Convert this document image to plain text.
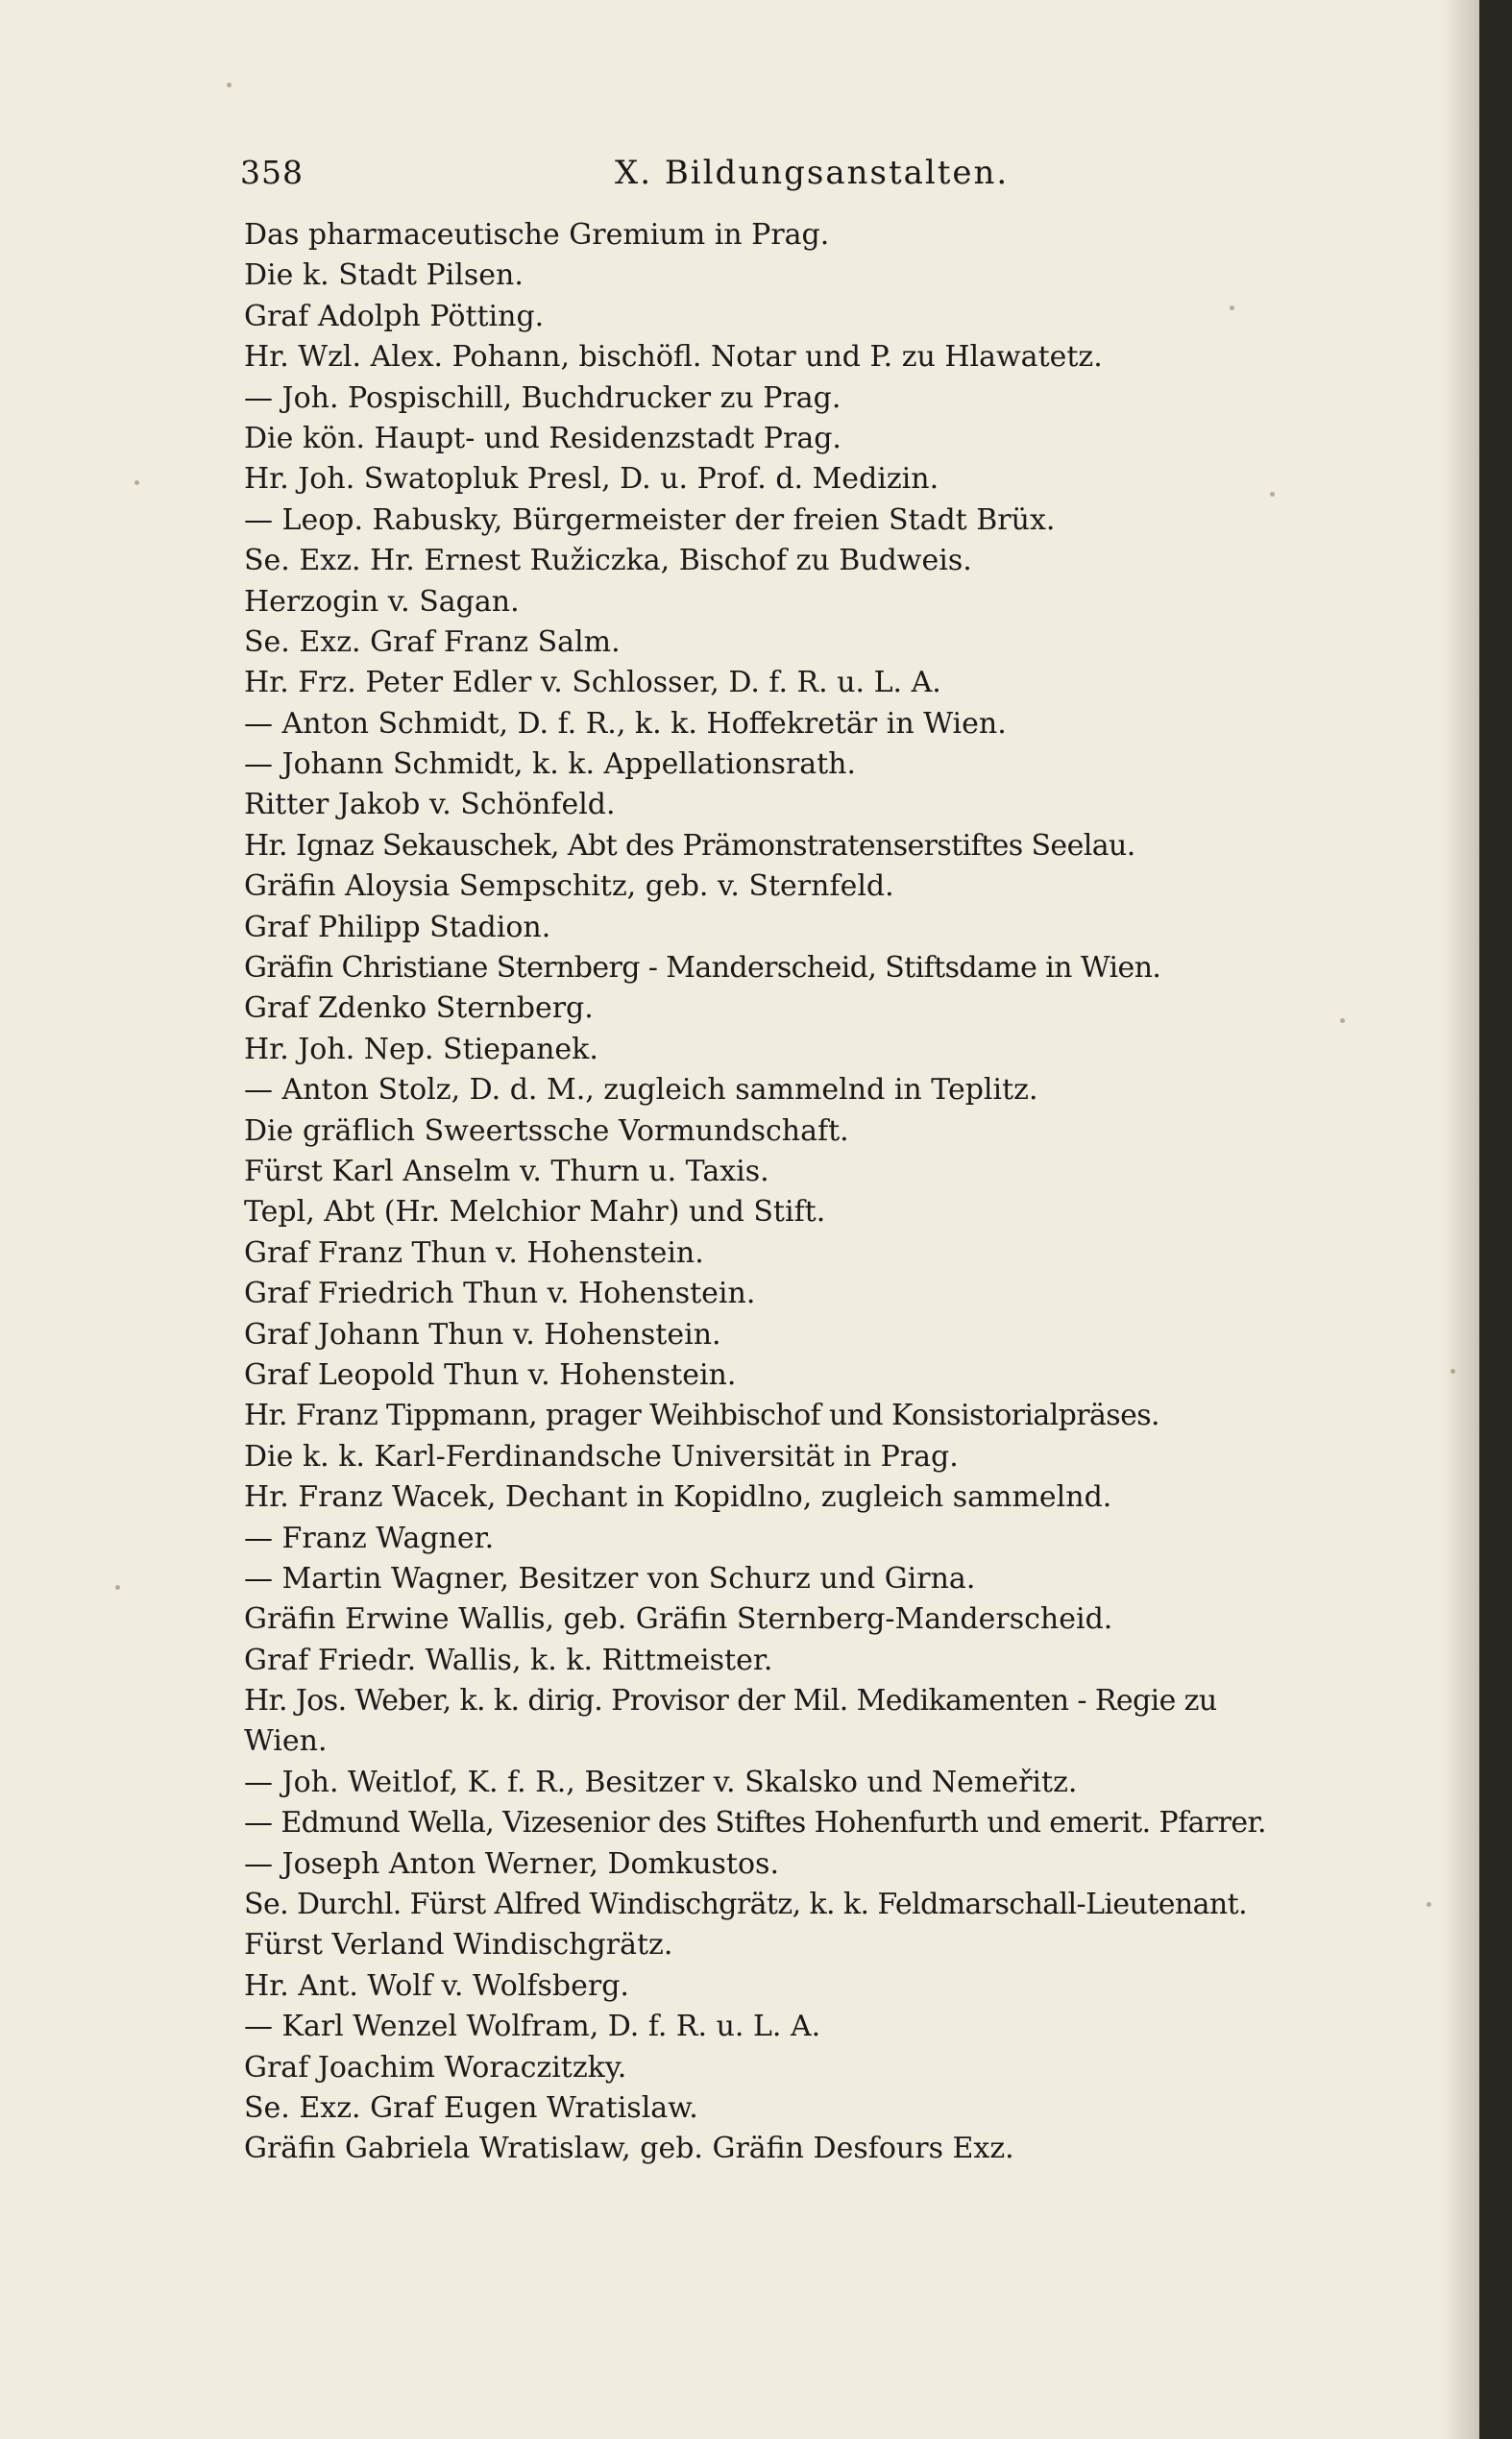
358	X. Bildungsanstalten.
Das pharmaceutische Gremium in Prag.
Die k. Stadt Pilsen.
Graf Adolph Pötting.
Hr. Wzl. Alex. Pohann, bischöfl. Notar und P. zu Hlawatetz.
— Joh. Pospischill, Buchdrucker zu Prag.
Die kön. Haupt- und Residenzstadt Prag.
Hr. Joh. Swatopluk Presl, D. u. Prof. d. Medizin.
— Leop. Rabusky, Bürgermeister der freien Stadt Brüx.
Se. Exz. Hr. Ernest Ružiczka, Bischof zu Budweis.
Herzogin v. Sagan.
Se. Exz. Graf Franz Salm.
Hr. Frz. Peter Edler v. Schlosser, D. f. R. u. L. A.
— Anton Schmidt, D. f. R., k. k. Hoffekretär in Wien.
— Johann Schmidt, k. k. Appellationsrath.
Ritter Jakob v. Schönfeld.
Hr. Ignaz Sekauschek, Abt des Prämonstratenserstiftes Seelau.
Gräfin Aloysia Sempschitz, geb. v. Sternfeld.
Graf Philipp Stadion.
Gräfin Christiane Sternberg - Manderscheid, Stiftsdame in Wien.
Graf Zdenko Sternberg.
Hr. Joh. Nep. Stiepanek.
— Anton Stolz, D. d. M., zugleich sammelnd in Teplitz.
Die gräflich Sweertssche Vormundschaft.
Fürst Karl Anselm v. Thurn u. Taxis.
Tepl, Abt (Hr. Melchior Mahr) und Stift.
Graf Franz Thun v. Hohenstein.
Graf Friedrich Thun v. Hohenstein.
Graf Johann Thun v. Hohenstein.
Graf Leopold Thun v. Hohenstein.
Hr. Franz Tippmann, prager Weihbischof und Konsistorialpräses.
Die k. k. Karl-Ferdinandsche Universität in Prag.
Hr. Franz Wacek, Dechant in Kopidlno, zugleich sammelnd.
— Franz Wagner.
— Martin Wagner, Besitzer von Schurz und Girna.
Gräfin Erwine Wallis, geb. Gräfin Sternberg-Manderscheid.
Graf Friedr. Wallis, k. k. Rittmeister.
Hr. Jos. Weber, k. k. dirig. Provisor der Mil. Medikamenten - Regie zu
Wien.
— Joh. Weitlof, K. f. R., Besitzer v. Skalsko und Nemeřitz.
— Edmund Wella, Vizesenior des Stiftes Hohenfurth und emerit. Pfarrer.
— Joseph Anton Werner, Domkustos.
Se. Durchl. Fürst Alfred Windischgrätz, k. k. Feldmarschall-Lieutenant.
Fürst Verland Windischgrätz.
Hr. Ant. Wolf v. Wolfsberg.
— Karl Wenzel Wolfram, D. f. R. u. L. A.
Graf Joachim Woraczitzky.
Se. Exz. Graf Eugen Wratislaw.
Gräfin Gabriela Wratislaw, geb. Gräfin Desfours Exz.
